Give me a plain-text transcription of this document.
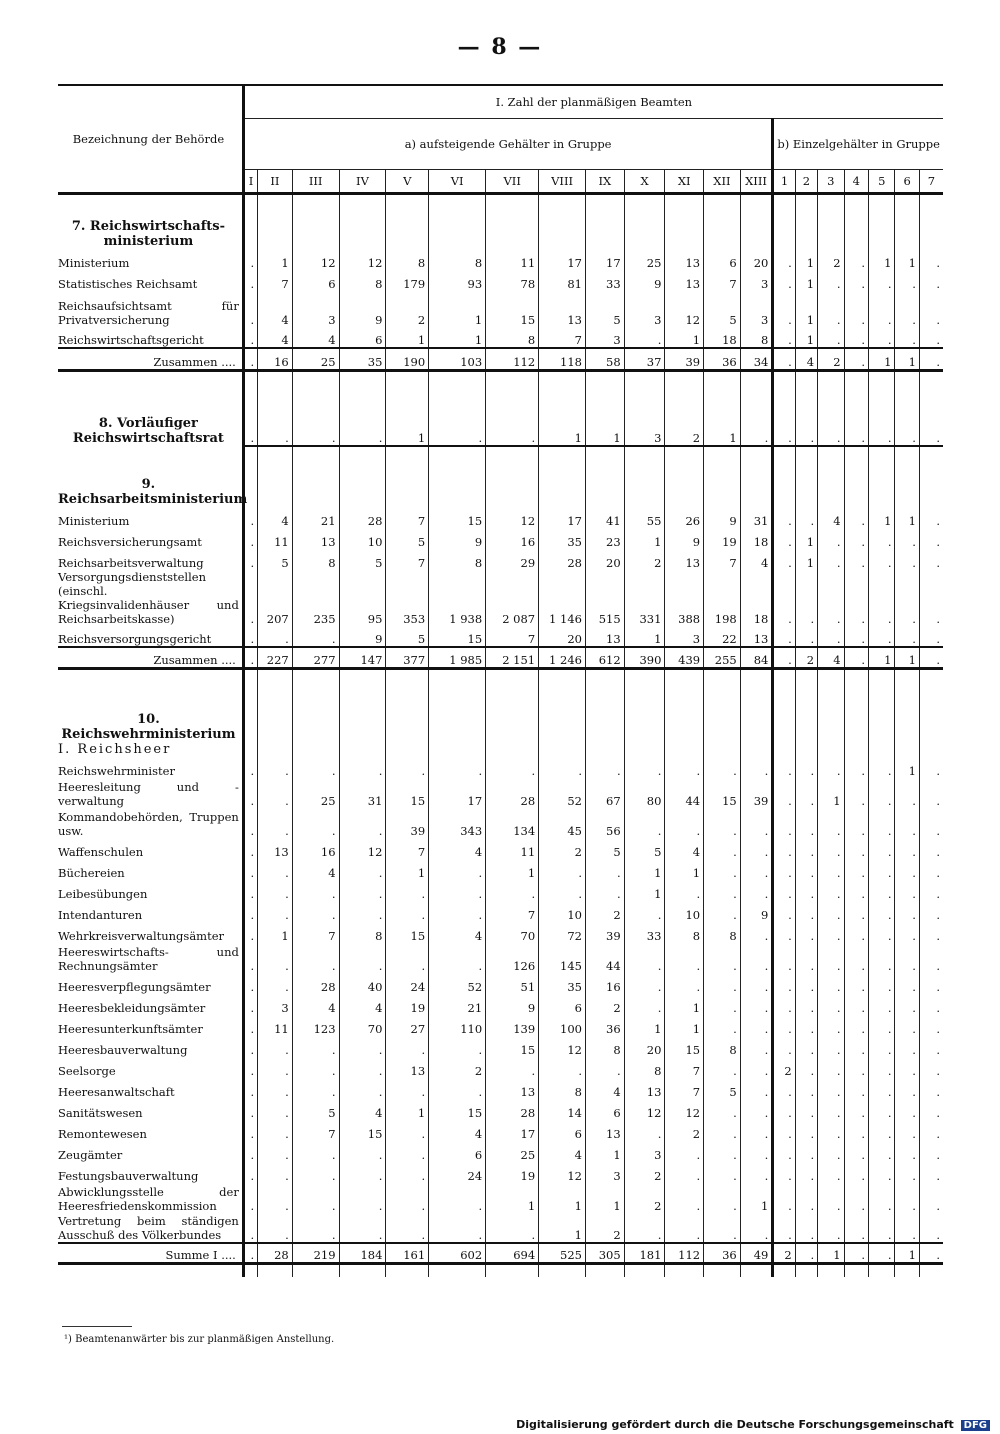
— 8 —
Bezeichnung der Behörde	I. Zahl der planmäßigen Beamten																			
	a) aufsteigende Gehälter in Gruppe													b) Einzelgehälter in Gruppe						
	I	II	III	IV	V	VI	VII	VIII	IX	X	XI	XII	XIII	1	2	3	4	5	6	7

7. Reichswirtschafts-ministerium																				
Ministerium	.	1	12	12	8	8	11	17	17	25	13	6	20	.	1	2	.	1	1	.
Statistisches Reichsamt	.	7	6	8	179	93	78	81	33	9	13	7	3	.	1	.	.	.	.	.
Reichsaufsichtsamt für Privatversicherung	.	4	3	9	2	1	15	13	5	3	12	5	3	.	1	.	.	.	.	.
Reichswirtschaftsgericht	.	4	4	6	1	1	8	7	3	.	1	18	8	.	1	.	.	.	.	.
Zusammen ....	.	16	25	35	190	103	112	118	58	37	39	36	34	.	4	2	.	1	1	.

8. Vorläufiger Reichswirtschaftsrat	.	.	.	.	1	.	.	1	1	3	2	1	.	.	.	.	.	.	.	.

9. Reichsarbeitsministerium																				
Ministerium	.	4	21	28	7	15	12	17	41	55	26	9	31	.	.	4	.	1	1	.
Reichsversicherungsamt	.	11	13	10	5	9	16	35	23	1	9	19	18	.	1	.	.	.	.	.
Reichsarbeitsverwaltung	.	5	8	5	7	8	29	28	20	2	13	7	4	.	1	.	.	.	.	.
Versorgungsdienststellen (einschl. Kriegsinvalidenhäuser und Reichsarbeitskasse)	.	207	235	95	353	1 938	2 087	1 146	515	331	388	198	18	.	.	.	.	.	.	.
Reichsversorgungsgericht	.	.	.	9	5	15	7	20	13	1	3	22	13	.	.	.	.	.	.	.
Zusammen ....	.	227	277	147	377	1 985	2 151	1 246	612	390	439	255	84	.	2	4	.	1	1	.

10. Reichswehrministerium																				
I. Reichsheer																				
Reichswehrminister	.	.	.	.	.	.	.	.	.	.	.	.	.	.	.	.	.	.	1	.
Heeresleitung und -verwaltung	.	.	25	31	15	17	28	52	67	80	44	15	39	.	.	1	.	.	.	.
Kommandobehörden, Truppen usw.	.	.	.	.	39	343	134	45	56	.	.	.	.	.	.	.	.	.	.	.
Waffenschulen	.	13	16	12	7	4	11	2	5	5	4	.	.	.	.	.	.	.	.	.
Büchereien	.	.	4	.	1	.	1	.	.	1	1	.	.	.	.	.	.	.	.	.
Leibesübungen	.	.	.	.	.	.	.	.	.	1	.	.	.	.	.	.	.	.	.	.
Intendanturen	.	.	.	.	.	.	7	10	2	.	10	.	9	.	.	.	.	.	.	.
Wehrkreisverwaltungsämter	.	1	7	8	15	4	70	72	39	33	8	8	.	.	.	.	.	.	.	.
Heereswirtschafts- und Rechnungsämter	.	.	.	.	.	.	126	145	44	.	.	.	.	.	.	.	.	.	.	.
Heeresverpflegungsämter	.	.	28	40	24	52	51	35	16	.	.	.	.	.	.	.	.	.	.	.
Heeresbekleidungsämter	.	3	4	4	19	21	9	6	2	.	1	.	.	.	.	.	.	.	.	.
Heeresunterkunftsämter	.	11	123	70	27	110	139	100	36	1	1	.	.	.	.	.	.	.	.	.
Heeresbauverwaltung	.	.	.	.	.	.	15	12	8	20	15	8	.	.	.	.	.	.	.	.
Seelsorge	.	.	.	.	13	2	.	.	.	8	7	.	.	2	.	.	.	.	.	.
Heeresanwaltschaft	.	.	.	.	.	.	13	8	4	13	7	5	.	.	.	.	.	.	.	.
Sanitätswesen	.	.	5	4	1	15	28	14	6	12	12	.	.	.	.	.	.	.	.	.
Remontewesen	.	.	7	15	.	4	17	6	13	.	2	.	.	.	.	.	.	.	.	.
Zeugämter	.	.	.	.	.	6	25	4	1	3	.	.	.	.	.	.	.	.	.	.
Festungsbauverwaltung	.	.	.	.	.	24	19	12	3	2	.	.	.	.	.	.	.	.	.	.
Abwicklungsstelle der Heeresfriedenskommission	.	.	.	.	.	.	1	1	1	2	.	.	1	.	.	.	.	.	.	.
Vertretung beim ständigen Ausschuß des Völkerbundes	.	.	.	.	.	.	.	1	2	.	.	.	.	.	.	.	.	.	.	.
Summe I ....	.	28	219	184	161	602	694	525	305	181	112	36	49	2	.	1	.	.	1	.

¹) Beamtenanwärter bis zur planmäßigen Anstellung.
Digitalisierung gefördert durch die Deutsche Forschungsgemeinschaft DFG
